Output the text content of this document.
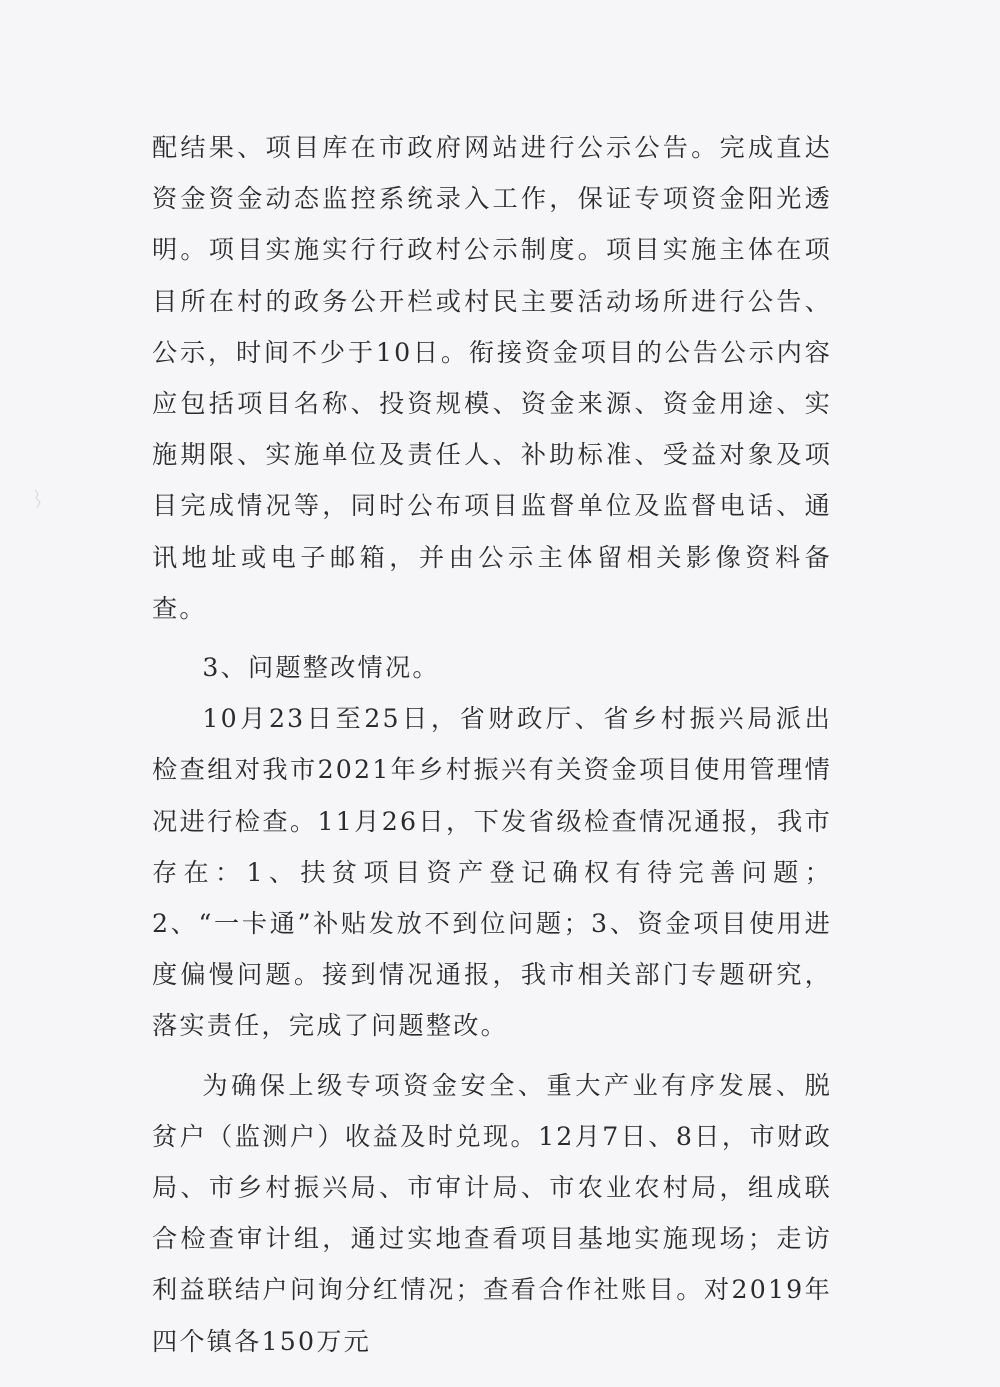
配结果、项目库在市政府网站进行公示公告。完成直达资金资金动态监控系统录入工作，保证专项资金阳光透明。项目实施实行行政村公示制度。项目实施主体在项目所在村的政务公开栏或村民主要活动场所进行公告、公示，时间不少于10日。衔接资金项目的公告公示内容应包括项目名称、投资规模、资金来源、资金用途、实施期限、实施单位及责任人、补助标准、受益对象及项目完成情况等，同时公布项目监督单位及监督电话、通讯地址或电子邮箱，并由公示主体留相关影像资料备查。

3、问题整改情况。

10月23日至25日，省财政厅、省乡村振兴局派出检查组对我市2021年乡村振兴有关资金项目使用管理情况进行检查。11月26日，下发省级检查情况通报，我市存在：1、扶贫项目资产登记确权有待完善问题；2、“一卡通”补贴发放不到位问题；3、资金项目使用进度偏慢问题。接到情况通报，我市相关部门专题研究，落实责任，完成了问题整改。

为确保上级专项资金安全、重大产业有序发展、脱贫户（监测户）收益及时兑现。12月7日、8日，市财政局、市乡村振兴局、市审计局、市农业农村局，组成联合检查审计组，通过实地查看项目基地实施现场；走访利益联结户问询分红情况；查看合作社账目。对2019年四个镇各150万元
